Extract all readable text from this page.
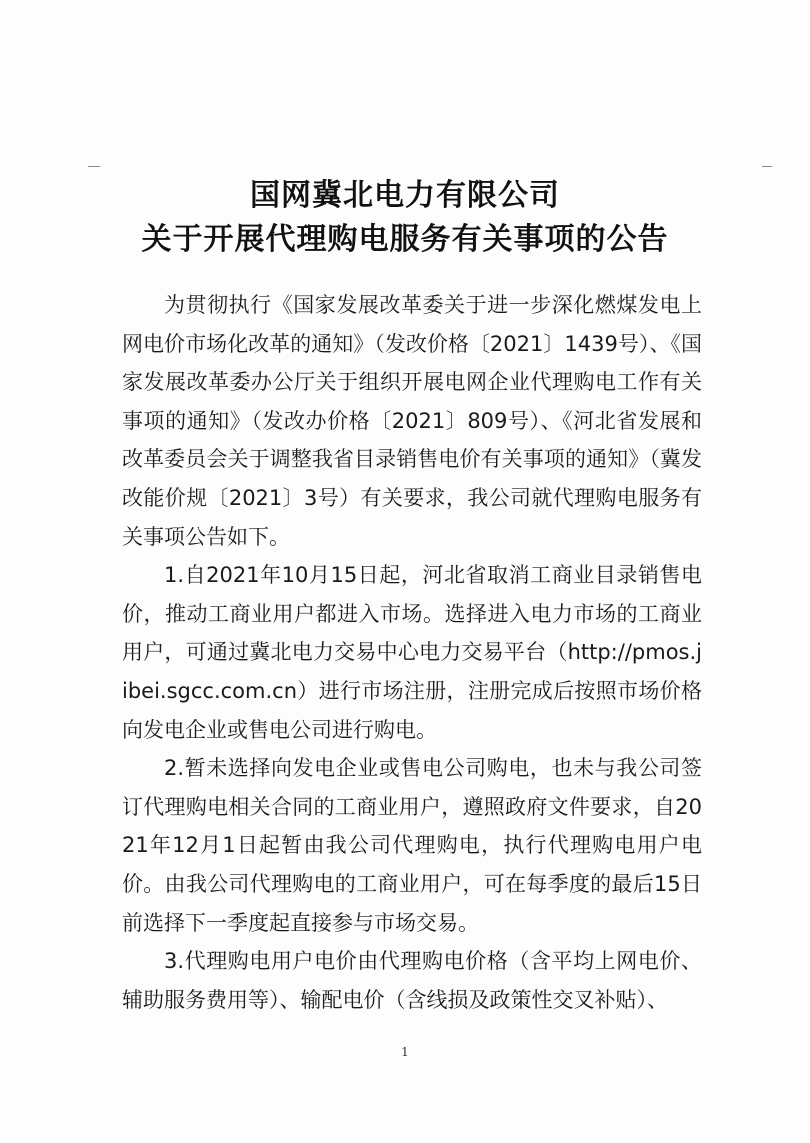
国网冀北电力有限公司
关于开展代理购电服务有关事项的公告

为贯彻执行《国家发展改革委关于进一步深化燃煤发电上网电价市场化改革的通知》（发改价格〔2021〕1439号）、《国家发展改革委办公厅关于组织开展电网企业代理购电工作有关事项的通知》（发改办价格〔2021〕809号）、《河北省发展和改革委员会关于调整我省目录销售电价有关事项的通知》（冀发改能价规〔2021〕3号）有关要求，我公司就代理购电服务有关事项公告如下。

1.自2021年10月15日起，河北省取消工商业目录销售电价，推动工商业用户都进入市场。选择进入电力市场的工商业用户，可通过冀北电力交易中心电力交易平台（http://pmos.jibei.sgcc.com.cn）进行市场注册，注册完成后按照市场价格向发电企业或售电公司进行购电。

2.暂未选择向发电企业或售电公司购电，也未与我公司签订代理购电相关合同的工商业用户，遵照政府文件要求，自2021年12月1日起暂由我公司代理购电，执行代理购电用户电价。由我公司代理购电的工商业用户，可在每季度的最后15日前选择下一季度起直接参与市场交易。

3.代理购电用户电价由代理购电价格（含平均上网电价、辅助服务费用等）、输配电价（含线损及政策性交叉补贴）、

1
